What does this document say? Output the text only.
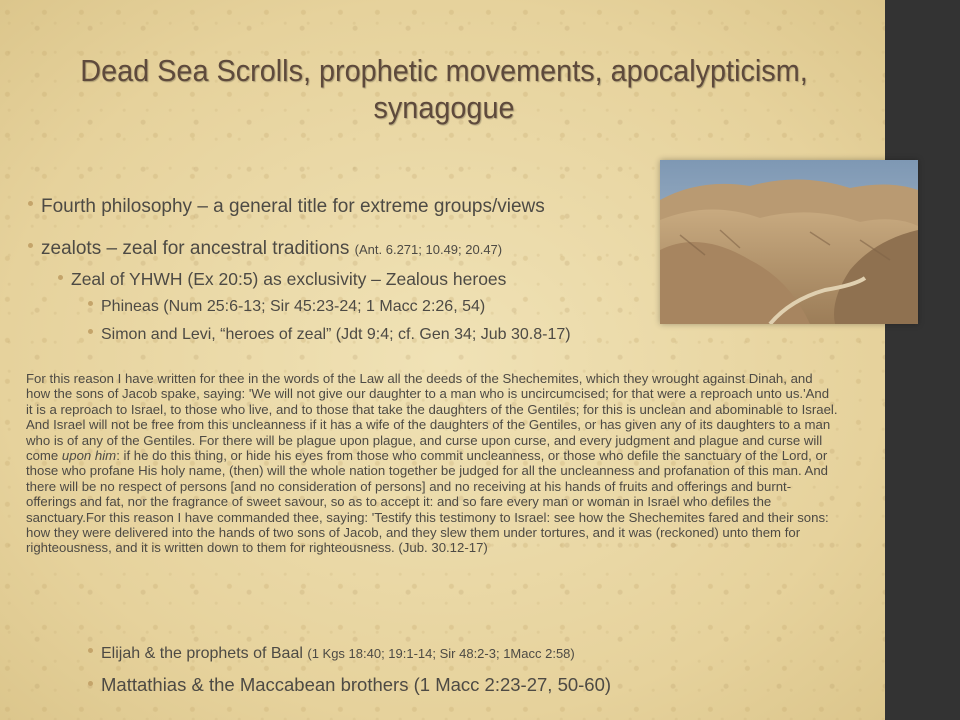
Dead Sea Scrolls, prophetic movements, apocalypticism, synagogue
Fourth philosophy – a general title for extreme groups/views
zealots – zeal for ancestral traditions (Ant. 6.271; 10.49; 20.47)
Zeal of YHWH (Ex 20:5) as exclusivity – Zealous heroes
Phineas (Num 25:6-13; Sir 45:23-24; 1 Macc 2:26, 54)
Simon and Levi, “heroes of zeal” (Jdt 9:4; cf. Gen 34; Jub 30.8-17)

For this reason I have written for thee in the words of the Law all the deeds of the Shechemites, which they wrought against Dinah, and how the sons of Jacob spake, saying: 'We will not give our daughter to a man who is uncircumcised; for that were a reproach unto us.'And it is a reproach to Israel, to those who live, and to those that take the daughters of the Gentiles; for this is unclean and abominable to Israel. And Israel will not be free from this uncleanness if it has a wife of the daughters of the Gentiles, or has given any of its daughters to a man who is of any of the Gentiles. For there will be plague upon plague, and curse upon curse, and every judgment and plague and curse will come upon him: if he do this thing, or hide his eyes from those who commit uncleanness, or those who defile the sanctuary of the Lord, or those who profane His holy name, (then) will the whole nation together be judged for all the uncleanness and profanation of this man. And there will be no respect of persons [and no consideration of persons] and no receiving at his hands of fruits and offerings and burnt-offerings and fat, nor the fragrance of sweet savour, so as to accept it: and so fare every man or woman in Israel who defiles the sanctuary.For this reason I have commanded thee, saying: 'Testify this testimony to Israel: see how the Shechemites fared and their sons: how they were delivered into the hands of two sons of Jacob, and they slew them under tortures, and it was (reckoned) unto them for righteousness, and it is written down to them for righteousness. (Jub. 30.12-17)

Elijah & the prophets of Baal (1 Kgs 18:40; 19:1-14; Sir 48:2-3; 1Macc 2:58)
Mattathias & the Maccabean brothers (1 Macc 2:23-27, 50-60)
